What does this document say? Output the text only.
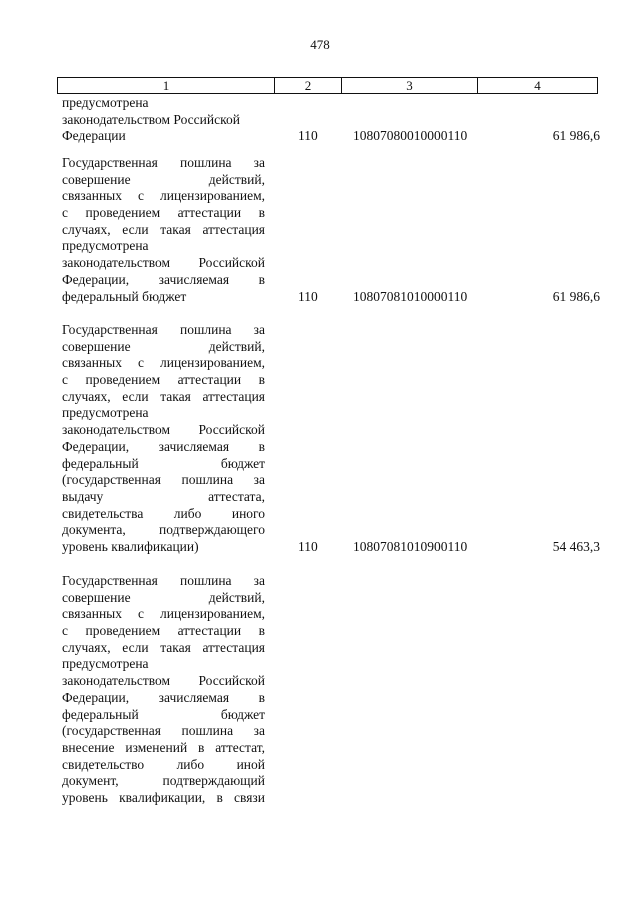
478
1	2	3	4
предусмотрена
законодательством Российской
Федерации	110	10807080010000110	61 986,6
Государственная пошлина за
совершение действий,
связанных с лицензированием,
с проведением аттестации в
случаях, если такая аттестация
предусмотрена
законодательством Российской
Федерации, зачисляемая в
федеральный бюджет	110	10807081010000110	61 986,6
Государственная пошлина за
совершение действий,
связанных с лицензированием,
с проведением аттестации в
случаях, если такая аттестация
предусмотрена
законодательством Российской
Федерации, зачисляемая в
федеральный бюджет
(государственная пошлина за
выдачу аттестата,
свидетельства либо иного
документа, подтверждающего
уровень квалификации)	110	10807081010900110	54 463,3
Государственная пошлина за
совершение действий,
связанных с лицензированием,
с проведением аттестации в
случаях, если такая аттестация
предусмотрена
законодательством Российской
Федерации, зачисляемая в
федеральный бюджет
(государственная пошлина за
внесение изменений в аттестат,
свидетельство либо иной
документ, подтверждающий
уровень квалификации, в связи
